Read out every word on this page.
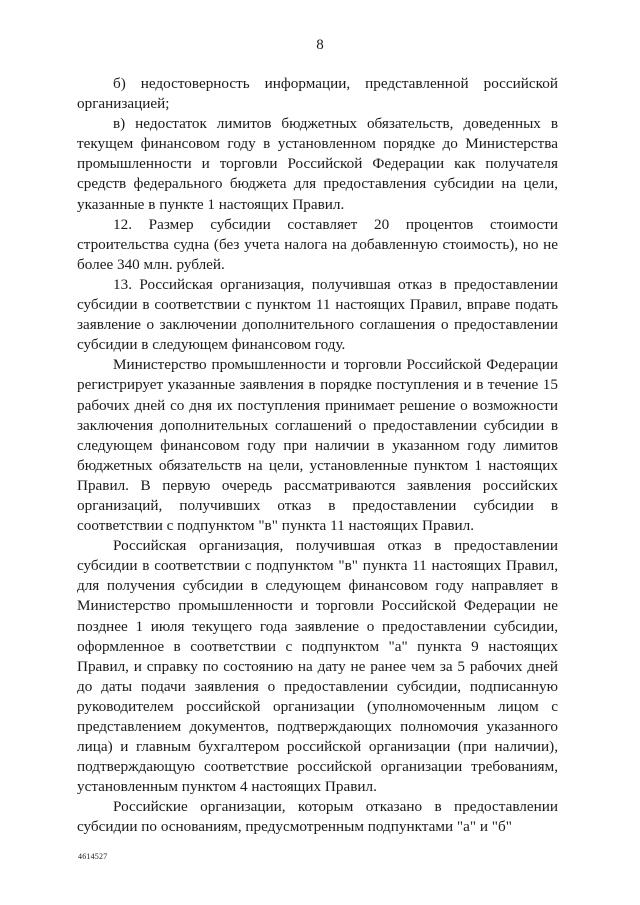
8

б) недостоверность информации, представленной российской организацией;

в) недостаток лимитов бюджетных обязательств, доведенных в текущем финансовом году в установленном порядке до Министерства промышленности и торговли Российской Федерации как получателя средств федерального бюджета для предоставления субсидии на цели, указанные в пункте 1 настоящих Правил.

12. Размер субсидии составляет 20 процентов стоимости строительства судна (без учета налога на добавленную стоимость), но не более 340 млн. рублей.

13. Российская организация, получившая отказ в предоставлении субсидии в соответствии с пунктом 11 настоящих Правил, вправе подать заявление о заключении дополнительного соглашения о предоставлении субсидии в следующем финансовом году.

Министерство промышленности и торговли Российской Федерации регистрирует указанные заявления в порядке поступления и в течение 15 рабочих дней со дня их поступления принимает решение о возможности заключения дополнительных соглашений о предоставлении субсидии в следующем финансовом году при наличии в указанном году лимитов бюджетных обязательств на цели, установленные пунктом 1 настоящих Правил. В первую очередь рассматриваются заявления российских организаций, получивших отказ в предоставлении субсидии в соответствии с подпунктом "в" пункта 11 настоящих Правил.

Российская организация, получившая отказ в предоставлении субсидии в соответствии с подпунктом "в" пункта 11 настоящих Правил, для получения субсидии в следующем финансовом году направляет в Министерство промышленности и торговли Российской Федерации не позднее 1 июля текущего года заявление о предоставлении субсидии, оформленное в соответствии с подпунктом "а" пункта 9 настоящих Правил, и справку по состоянию на дату не ранее чем за 5 рабочих дней до даты подачи заявления о предоставлении субсидии, подписанную руководителем российской организации (уполномоченным лицом с представлением документов, подтверждающих полномочия указанного лица) и главным бухгалтером российской организации (при наличии), подтверждающую соответствие российской организации требованиям, установленным пунктом 4 настоящих Правил.

Российские организации, которым отказано в предоставлении субсидии по основаниям, предусмотренным подпунктами "а" и "б"

4614527
